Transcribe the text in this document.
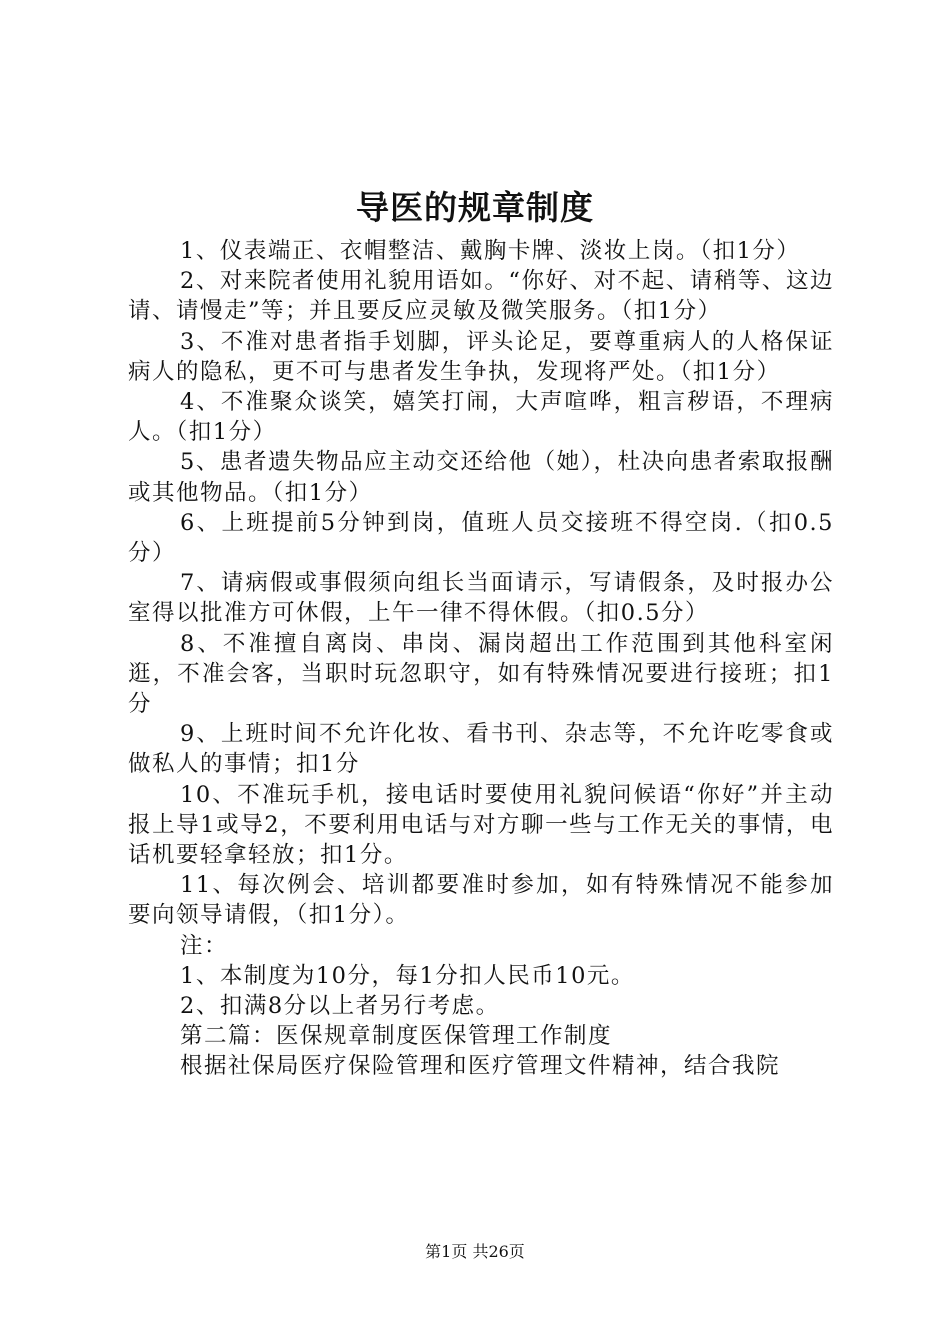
导医的规章制度

1、仪表端正、衣帽整洁、戴胸卡牌、淡妆上岗。（扣1分）

2、对来院者使用礼貌用语如。“你好、对不起、请稍等、这边请、请慢走”等；并且要反应灵敏及微笑服务。（扣1分）

3、不准对患者指手划脚，评头论足，要尊重病人的人格保证病人的隐私，更不可与患者发生争执，发现将严处。（扣1分）

4、不准聚众谈笑，嬉笑打闹，大声喧哗，粗言秽语，不理病人。（扣1分）

5、患者遗失物品应主动交还给他（她），杜决向患者索取报酬或其他物品。（扣1分）

6、上班提前5分钟到岗，值班人员交接班不得空岗.（扣0.5分）

7、请病假或事假须向组长当面请示，写请假条，及时报办公室得以批准方可休假，上午一律不得休假。（扣0.5分）

8、不准擅自离岗、串岗、漏岗超出工作范围到其他科室闲逛，不准会客，当职时玩忽职守，如有特殊情况要进行接班；扣1分

9、上班时间不允许化妆、看书刊、杂志等，不允许吃零食或做私人的事情；扣1分

10、不准玩手机，接电话时要使用礼貌问候语“你好”并主动报上导1或导2，不要利用电话与对方聊一些与工作无关的事情，电话机要轻拿轻放；扣1分。

11、每次例会、培训都要准时参加，如有特殊情况不能参加要向领导请假，（扣1分）。

注：

1、本制度为10分，每1分扣人民币10元。

2、扣满8分以上者另行考虑。

第二篇：医保规章制度医保管理工作制度

根据社保局医疗保险管理和医疗管理文件精神，结合我院

第1页 共26页
